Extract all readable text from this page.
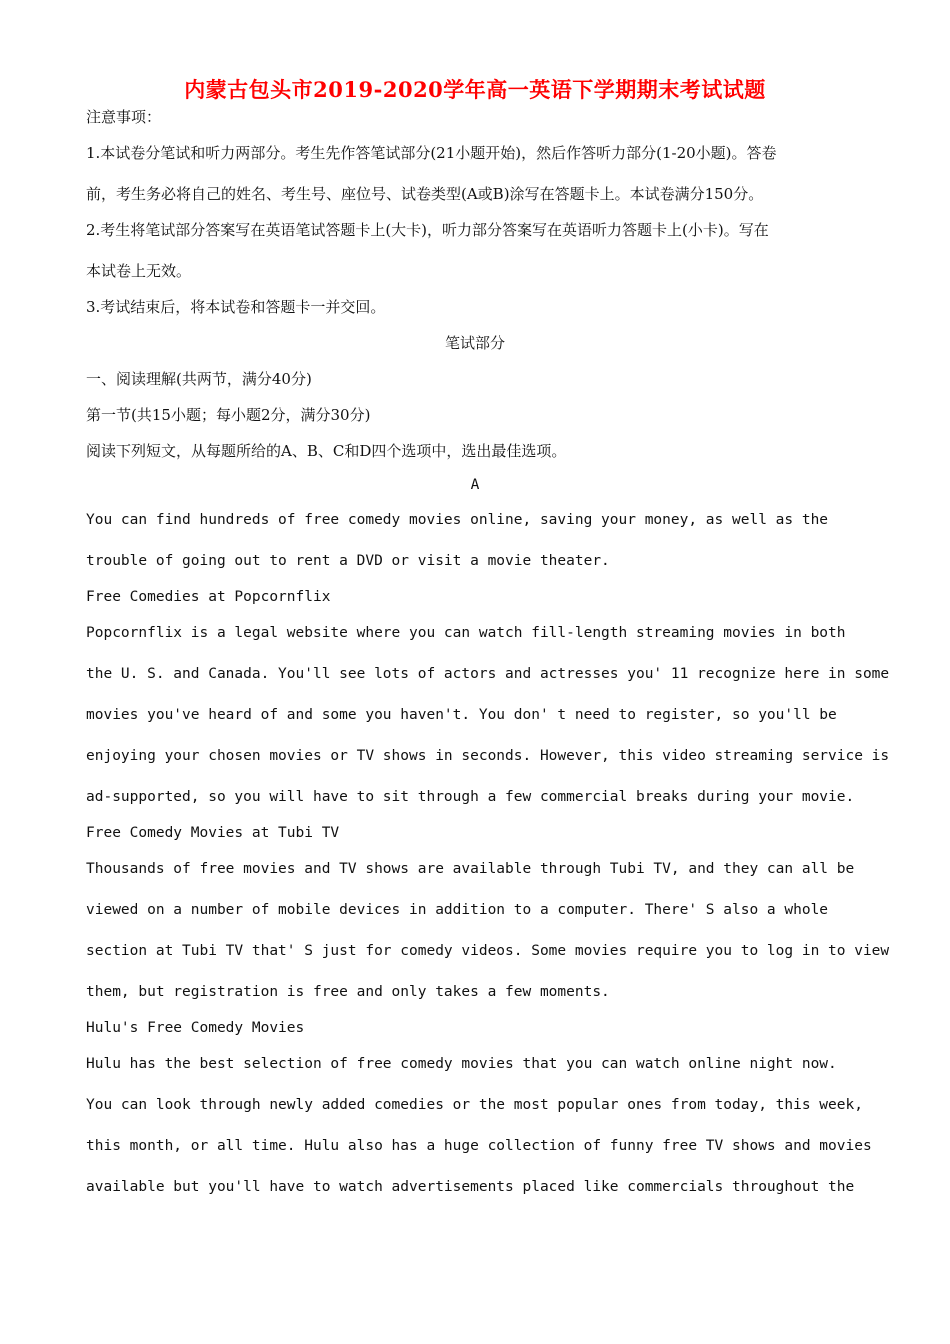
内蒙古包头市2019-2020学年高一英语下学期期末考试试题
注意事项：
1.本试卷分笔试和听力两部分。考生先作答笔试部分(21小题开始)，然后作答听力部分(1-20小题)。答卷
前，考生务必将自己的姓名、考生号、座位号、试卷类型(A或B)涂写在答题卡上。本试卷满分150分。
2.考生将笔试部分答案写在英语笔试答题卡上(大卡)，听力部分答案写在英语听力答题卡上(小卡)。写在
本试卷上无效。
3.考试结束后，将本试卷和答题卡一并交回。
笔试部分
一、阅读理解(共两节，满分40分)
第一节(共15小题；每小题2分，满分30分)
阅读下列短文，从每题所给的A、B、C和D四个选项中，选出最佳选项。
A
You can find hundreds of free comedy movies online, saving your money, as well as the
trouble of going out to rent a DVD or visit a movie theater.
Free Comedies at Popcornflix
Popcornflix is a legal website where you can watch fill-length streaming movies in both
the U. S. and Canada. You'll see lots of actors and actresses you' 11 recognize here in some
movies you've heard of and some you haven't. You don' t need to register, so you'll be
enjoying your chosen movies or TV shows in seconds. However, this video streaming service is
ad-supported, so you will have to sit through a few commercial breaks during your movie.
Free Comedy Movies at Tubi TV
Thousands of free movies and TV shows are available through Tubi TV, and they can all be
viewed on a number of mobile devices in addition to a computer. There' S also a whole
section at Tubi TV that' S just for comedy videos. Some movies require you to log in to view
them, but registration is free and only takes a few moments.
Hulu's Free Comedy Movies
Hulu has the best selection of free comedy movies that you can watch online night now.
You can look through newly added comedies or the most popular ones from today, this week,
this month, or all time. Hulu also has a huge collection of funny free TV shows and movies
available but you'll have to watch advertisements placed like commercials throughout the
